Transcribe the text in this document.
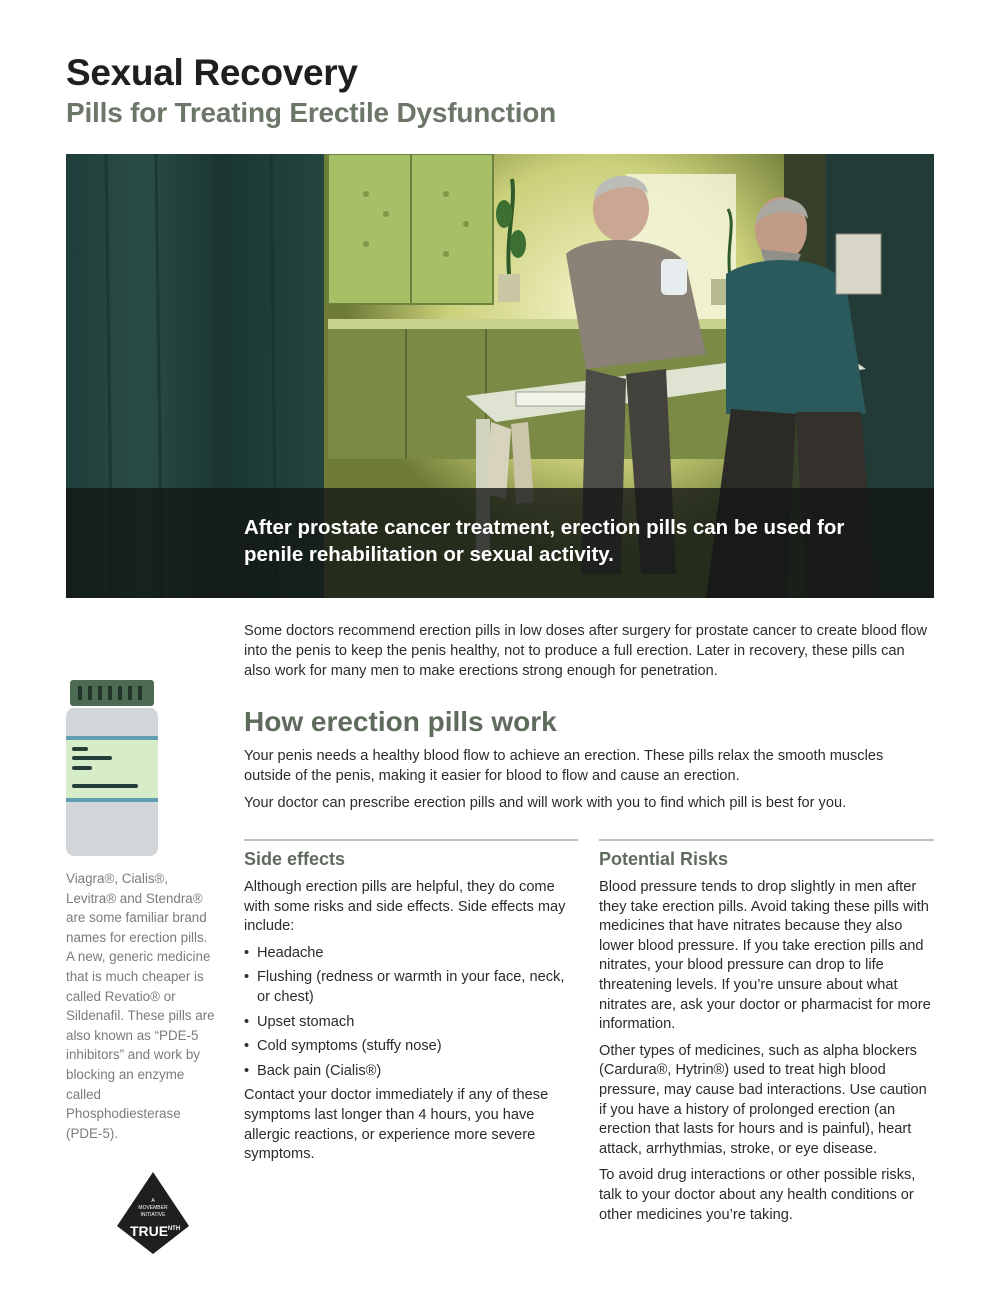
Sexual Recovery
Pills for Treating Erectile Dysfunction
After prostate cancer treatment, erection pills can be used for penile rehabilitation or sexual activity.
Some doctors recommend erection pills in low doses after surgery for prostate cancer to create blood flow into the penis to keep the penis healthy, not to produce a full erection. Later in recovery, these pills can also work for many men to make erections strong enough for penetration.
How erection pills work
Your penis needs a healthy blood flow to achieve an erection. These pills relax the smooth muscles outside of the penis, making it easier for blood to flow and cause an erection.
Your doctor can prescribe erection pills and will work with you to find which pill is best for you.
Side effects

Although erection pills are helpful, they do come with some risks and side effects. Side effects may include:

• Headache
• Flushing (redness or warmth in your face, neck, or chest)
• Upset stomach
• Cold symptoms (stuffy nose)
• Back pain (Cialis®)

Contact your doctor immediately if any of these symptoms last longer than 4 hours, you have allergic reactions, or experience more severe symptoms.

Potential Risks

Blood pressure tends to drop slightly in men after they take erection pills. Avoid taking these pills with medicines that have nitrates because they also lower blood pressure. If you take erection pills and nitrates, your blood pressure can drop to life threatening levels. If you’re unsure about what nitrates are, ask your doctor or pharmacist for more information.

Other types of medicines, such as alpha blockers (Cardura®, Hytrin®) used to treat high blood pressure, may cause bad interactions. Use caution if you have a history of prolonged erection (an erection that lasts for hours and is painful), heart attack, arrhythmias, stroke, or eye disease.

To avoid drug interactions or other possible risks, talk to your doctor about any health conditions or other medicines you’re taking.

Viagra®, Cialis®, Levitra® and Stendra® are some familiar brand names for erection pills. A new, generic medicine that is much cheaper is called Revatio® or Sildenafil. These pills are also known as “PDE-5 inhibitors” and work by blocking an enzyme called Phosphodiesterase (PDE-5).
A
MOVEMBER
INITIATIVE
TRUE NTH
